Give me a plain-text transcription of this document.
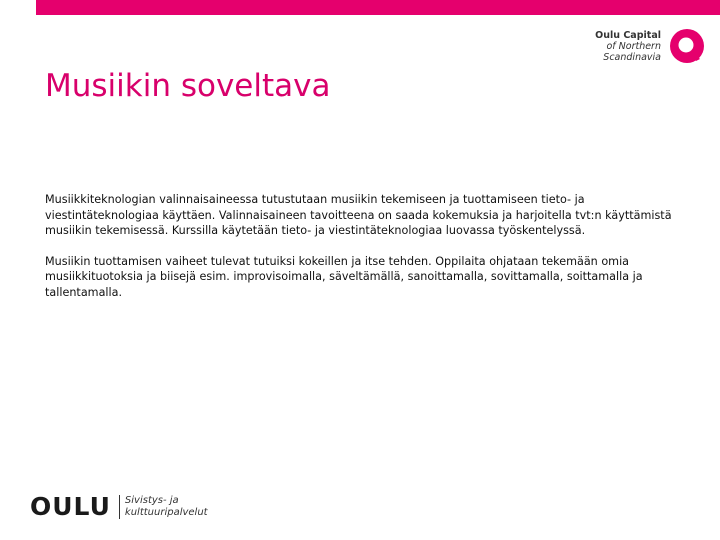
Oulu Capital
of Northern
Scandinavia
Musiikin soveltava

Musiikkiteknologian valinnaisaineessa tutustutaan musiikin tekemiseen ja tuottamiseen tieto- ja viestintäteknologiaa käyttäen. Valinnaisaineen tavoitteena on saada kokemuksia ja harjoitella tvt:n käyttämistä musiikin tekemisessä. Kurssilla käytetään tieto- ja viestintäteknologiaa luovassa työskentelyssä.

Musiikin tuottamisen vaiheet tulevat tutuiksi kokeillen ja itse tehden. Oppilaita ohjataan tekemään omia musiikkituotoksia ja biisejä esim. improvisoimalla, säveltämällä, sanoittamalla, sovittamalla, soittamalla ja tallentamalla.

OULU Sivistys- ja
kulttuuripalvelut
